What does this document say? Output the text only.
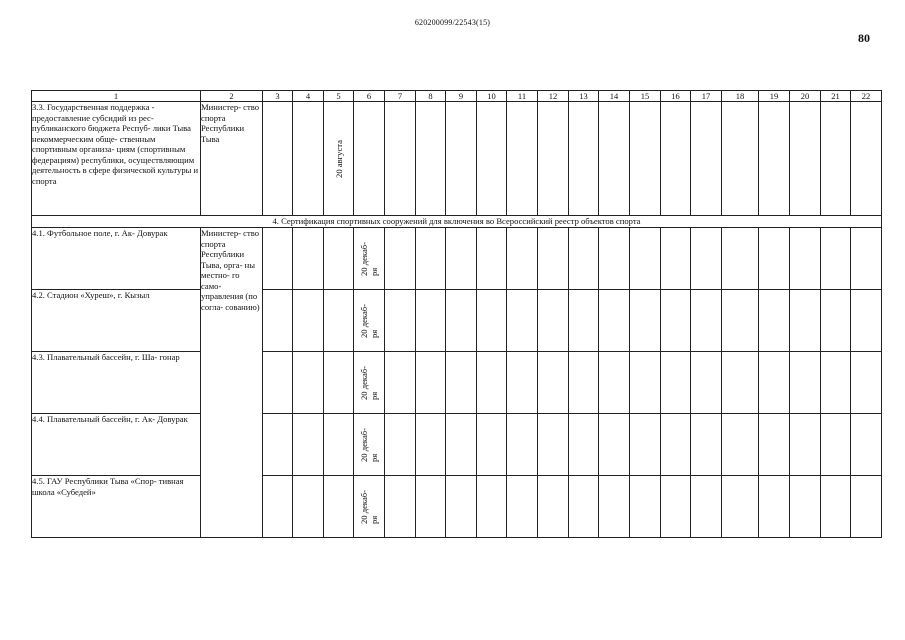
620200099/22543(15)
80
1	2	3	4	5	6	7	8	9	10	11	12	13	14	15	16	17	18	19	20	21	22
3.3. Государственная поддержка - предоставление субсидий из рес- публиканского бюджета Респуб- лики Тыва некоммерческим обще- ственным спортивным организа- циям (спортивным федерациям) республики, осуществляющим деятельность в сфере физической культуры и спорта	Министер- ство спорта Республики Тыва			20 августа																	

4. Сертификация спортивных сооружений для включения во Всероссийский реестр объектов спорта																					
4.1. Футбольное поле, г. Ак- Довурак	Министер- ство спорта Республики Тыва, орга- ны местно- го само- управления (по согла- сованию)				20 декаб-
ря																

4.2. Стадион «Хуреш», г. Кызыл					20 декаб-
ря																

4.3. Плавательный бассейн, г. Ша- гонар					20 декаб-
ря																

4.4. Плавательный бассейн, г. Ак- Довурак					20 декаб-
ря																

4.5. ГАУ Республики Тыва «Спор- тивная школа «Субедей»					20 декаб-
ря																
